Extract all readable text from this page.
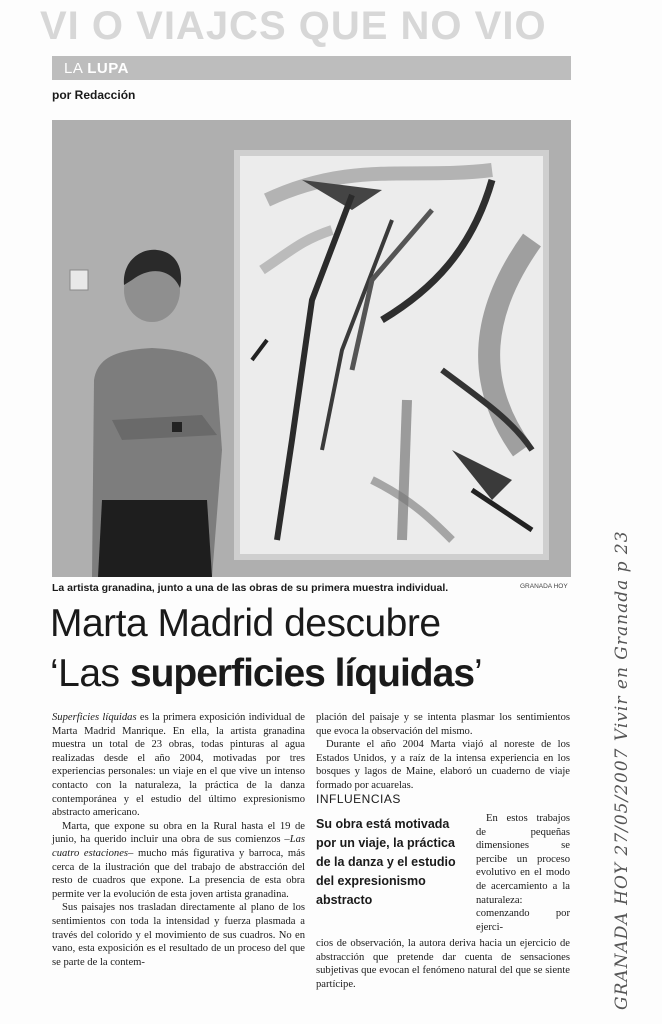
VI O VIAJCS QUE NO VIO
LA LUPA
por Redacción
La artista granadina, junto a una de las obras de su primera muestra individual.	GRANADA HOY
Marta Madrid descubre
‘Las superficies líquidas’

Superficies líquidas es la primera exposición individual de Marta Madrid Manrique. En ella, la artista granadina muestra un total de 23 obras, todas pinturas al agua realizadas desde el año 2004, motivadas por tres experiencias personales: un viaje en el que vive un intenso contacto con la naturaleza, la práctica de la danza contemporánea y el estudio del último expresionismo abstracto americano.

Marta, que expone su obra en la Rural hasta el 19 de junio, ha querido incluir una obra de sus comienzos –Las cuatro estaciones– mucho más figurativa y barroca, más cerca de la ilustración que del trabajo de abstracción del resto de cuadros que expone. La presencia de esta obra permite ver la evolución de esta joven artista granadina.

Sus paisajes nos trasladan directamente al plano de los sentimientos con toda la intensidad y fuerza plasmada a través del colorido y el movimiento de sus cuadros. No en vano, esta exposición es el resultado de un proceso del que se parte de la contem-

plación del paisaje y se intenta plasmar los sentimientos que evoca la observación del mismo.

Durante el año 2004 Marta viajó al noreste de los Estados Unidos, y a raíz de la intensa experiencia en los bosques y lagos de Maine, elaboró un cuaderno de viaje formado por acuarelas.

INFLUENCIAS
Su obra está motivada por un viaje, la práctica de la danza y el estudio del expresionismo abstracto

En estos trabajos de pequeñas dimensiones se percibe un proceso evolutivo en el modo de acercamiento a la naturaleza: comenzando por ejerci-

cios de observación, la autora deriva hacia un ejercicio de abstracción que pretende dar cuenta de sensaciones subjetivas que evocan el fenómeno natural del que se siente partícipe.	GRANADA HOY 27/05/2007 Vivir en Granada p 23
